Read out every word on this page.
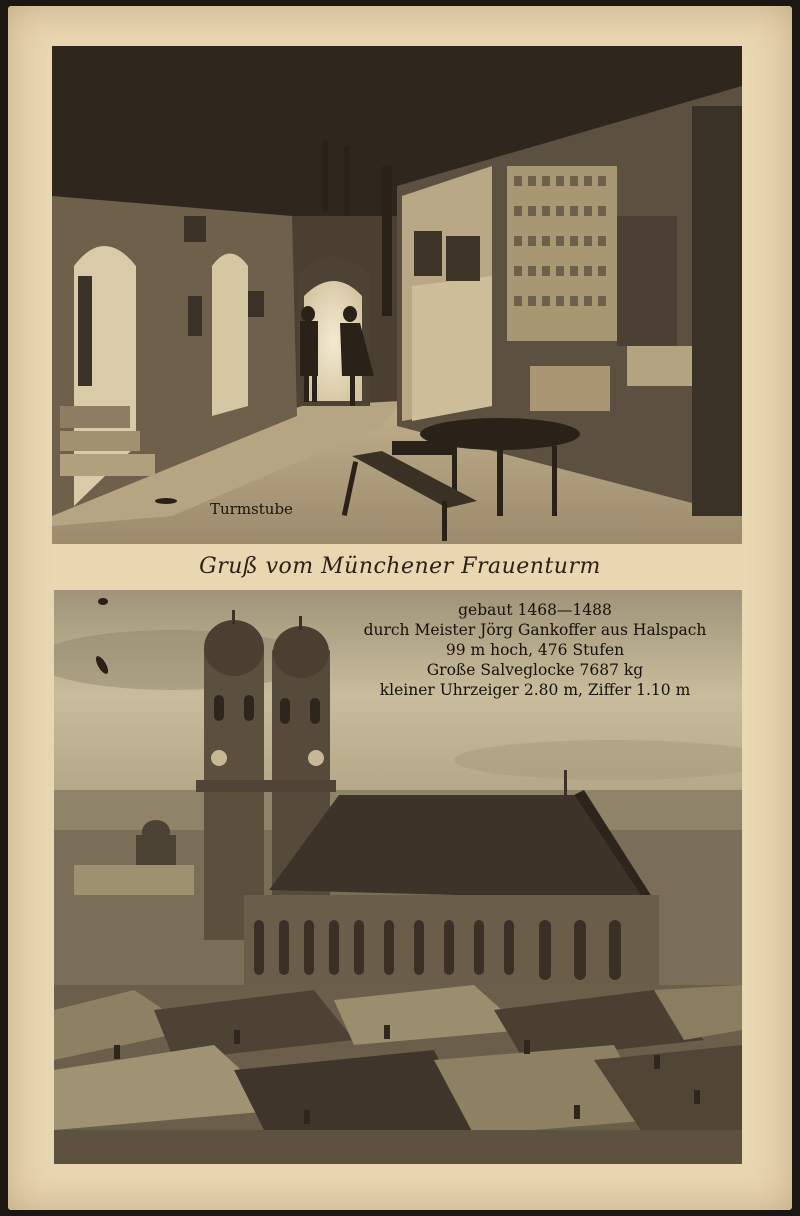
Turmstube
Gruß vom Münchener Frauenturm
gebaut 1468—1488
durch Meister Jörg Gankoffer aus Halspach
99 m hoch, 476 Stufen
Große Salveglocke 7687 kg
kleiner Uhrzeiger 2.80 m, Ziffer 1.10 m
